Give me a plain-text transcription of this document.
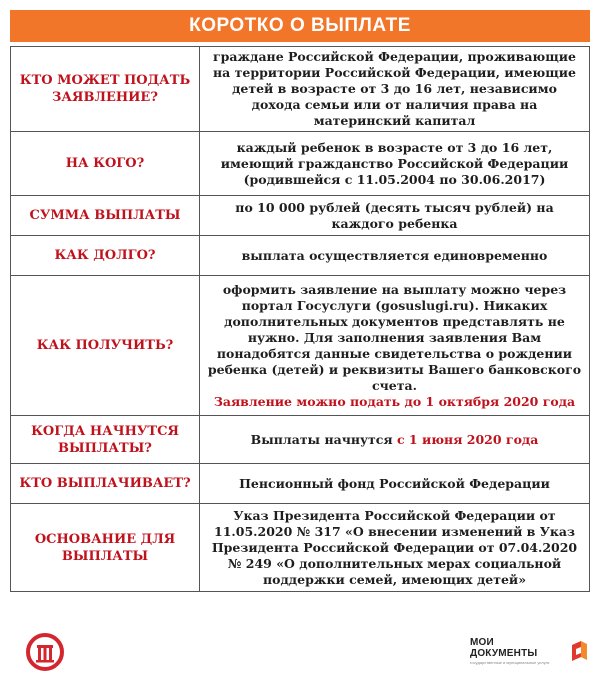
КОРОТКО О ВЫПЛАТЕ
КТО МОЖЕТ ПОДАТЬ ЗАЯВЛЕНИЕ?	граждане Российской Федерации, проживающие на территории Российской Федерации, имеющие детей в возрасте от 3 до 16 лет, независимо дохода семьи или от наличия права на материнский капитал
НА КОГО?	каждый ребенок в возрасте от 3 до 16 лет, имеющий гражданство Российской Федерации (родившейся с 11.05.2004 по 30.06.2017)
СУММА ВЫПЛАТЫ	по 10 000 рублей (десять тысяч рублей) на каждого ребенка
КАК ДОЛГО?	выплата осуществляется единовременно
КАК ПОЛУЧИТЬ?	оформить заявление на выплату можно через портал Госуслуги (gosuslugi.ru). Никаких дополнительных документов представлять не нужно. Для заполнения заявления Вам понадобятся данные свидетельства о рождении ребенка (детей) и реквизиты Вашего банковского счета.
Заявление можно подать до 1 октября 2020 года
КОГДА НАЧНУТСЯ ВЫПЛАТЫ?	Выплаты начнутся с 1 июня 2020 года
КТО ВЫПЛАЧИВАЕТ?	Пенсионный фонд Российской Федерации
ОСНОВАНИЕ ДЛЯ ВЫПЛАТЫ	Указ Президента Российской Федерации от 11.05.2020 № 317 «О внесении изменений в Указ Президента Российской Федерации от 07.04.2020 № 249 «О дополнительных мерах социальной поддержки семей, имеющих детей»
МОИ ДОКУМЕНТЫ
государственные и муниципальные услуги
